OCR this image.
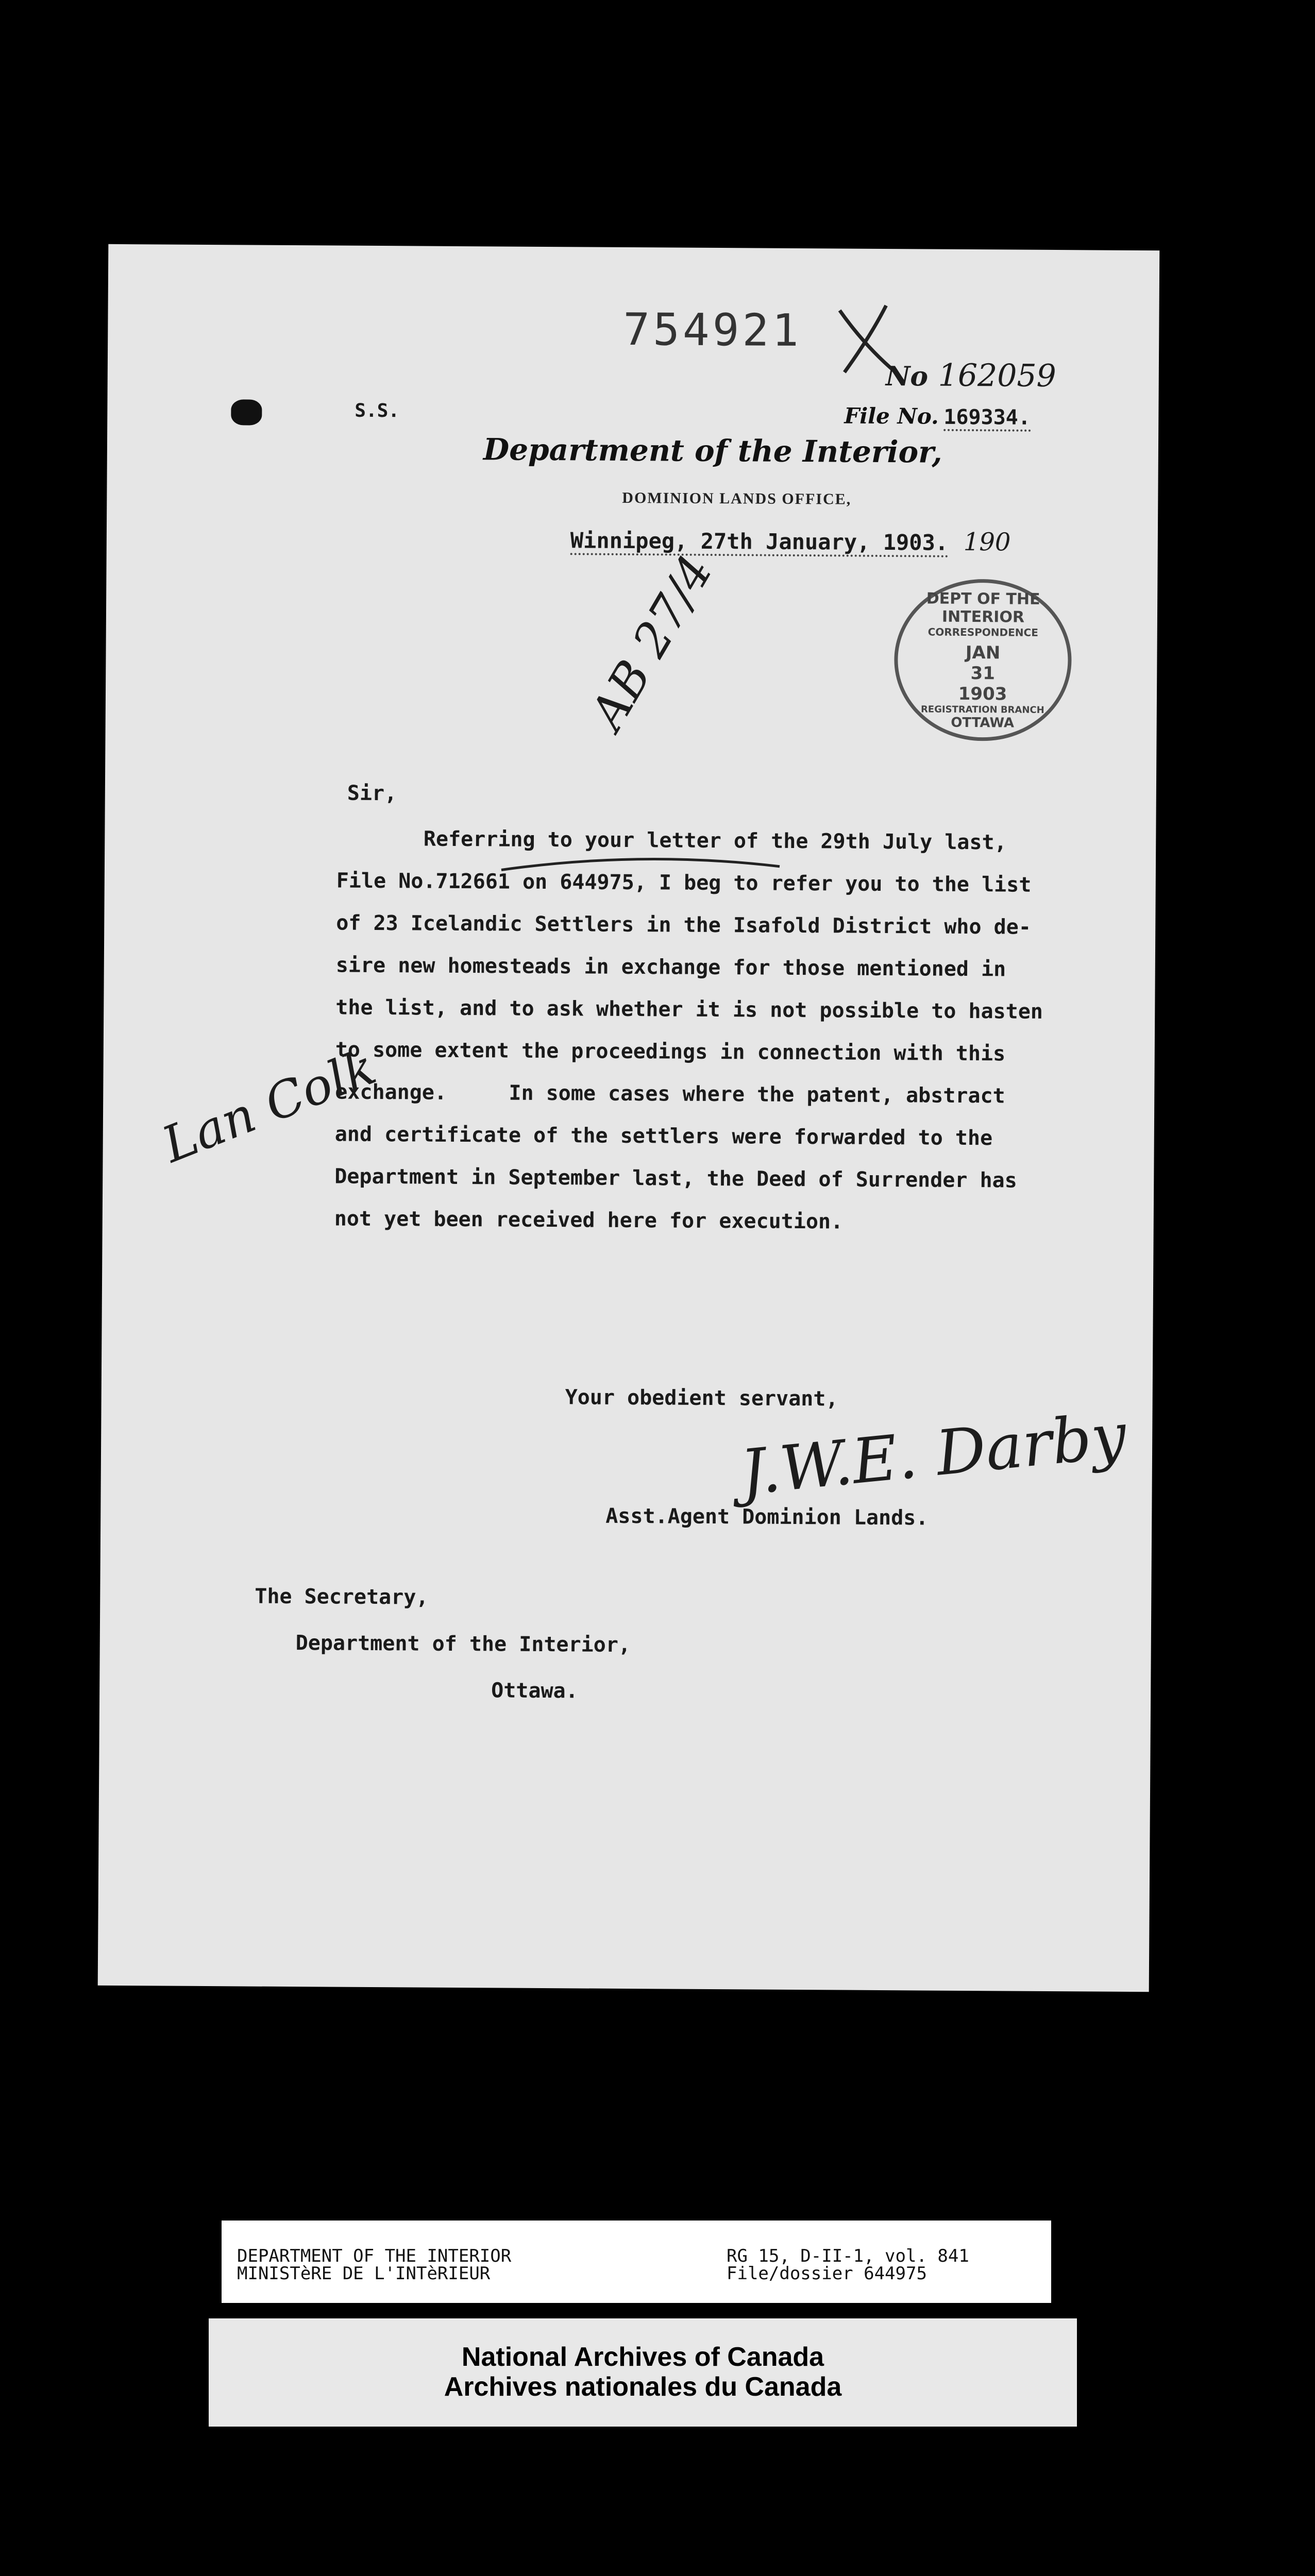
754921
No 162059
File No. 169334.
S.S.
Department of the Interior,
DOMINION LANDS OFFICE,
Winnipeg, 27th January, 1903. 190
DEPT OF THE INTERIOR
CORRESPONDENCE
JAN
31
1903
REGISTRATION BRANCH
OTTAWA
AB 27/4
Sir,
Referring to your letter of the 29th July last,
File No.712661 on 644975, I beg to refer you to the list
of 23 Icelandic Settlers in the Isafold District who de-
sire new homesteads in exchange for those mentioned in
the list, and to ask whether it is not possible to hasten
to some extent the proceedings in connection with this
exchange.     In some cases where the patent, abstract
and certificate of the settlers were forwarded to the
Department in September last, the Deed of Surrender has
not yet been received here for execution.
Lan Colk
Your obedient servant,
J.W.E. Darby
Asst.Agent Dominion Lands.
The Secretary,
Department of the Interior,
Ottawa.
DEPARTMENT OF THE INTERIOR
MINISTèRE DE L'INTèRIEUR
RG 15, D-II-1, vol. 841
File/dossier 644975
National Archives of Canada
Archives nationales du Canada
